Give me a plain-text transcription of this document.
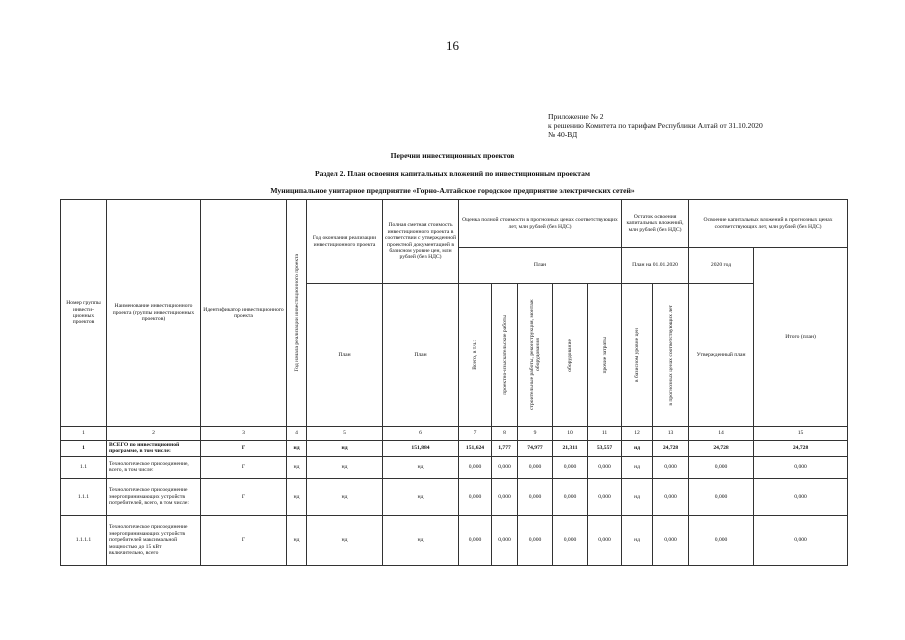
16
Приложение № 2
к решению Комитета по тарифам Республики Алтай от 31.10.2020
№ 40-ВД
Перечни инвестиционных проектов
Раздел 2. План освоения капитальных вложений по инвестиционным проектам
Муниципальное унитарное предприятие «Горно-Алтайское городское предприятие электрических сетей»
Номер группы инвести-ционных проектов	Наименование инвестиционного проекта (группы инвестиционных проектов)	Идентификатор инвестиционного проекта	Год начала реализации инвестиционного проекта	Год окончания реализации инвестиционного проекта	Полная сметная стоимость инвестиционного проекта в соответствии с утвержденной проектной документацией в базисном уровне цен, млн рублей (без НДС)	Оценка полной стоимости в прогнозных ценах соответствующих лет, млн рублей (без НДС)					Остаток освоения капитальных вложений, млн рублей (без НДС)		Освоение капитальных вложений в прогнозных ценах соответствующих лет, млн рублей (без НДС)	
						План					План на 01.01.2020		2020 год	Итого (план)
				План	План	Всего, в т.ч.:	проектно-изыскательские работы	строительные работы, реконструкция, монтаж оборудования	оборудование	прочие затраты	в базисном уровне цен	в прогнозных ценах соответствующих лет	Утвержденный план	
1	2	3	4	5	6	7	8	9	10	11	12	13	14	15
1	ВСЕГО по инвестиционной программе, в том числе:	Г	нд	нд	151,884	151,624	1,777	74,977	21,311	53,557	нд	24,728	24,728	24,728
1.1	Технологическое присоединение, всего, в том числе:	Г	нд	нд	нд	0,000	0,000	0,000	0,000	0,000	нд	0,000	0,000	0,000
1.1.1	Технологическое присоединение энергопринимающих устройств потребителей, всего, в том числе:	Г	нд	нд	нд	0,000	0,000	0,000	0,000	0,000	нд	0,000	0,000	0,000
1.1.1.1	Технологическое присоединение энергопринимающих устройств потребителей максимальной мощностью до 15 кВт включительно, всего	Г	нд	нд	нд	0,000	0,000	0,000	0,000	0,000	нд	0,000	0,000	0,000
